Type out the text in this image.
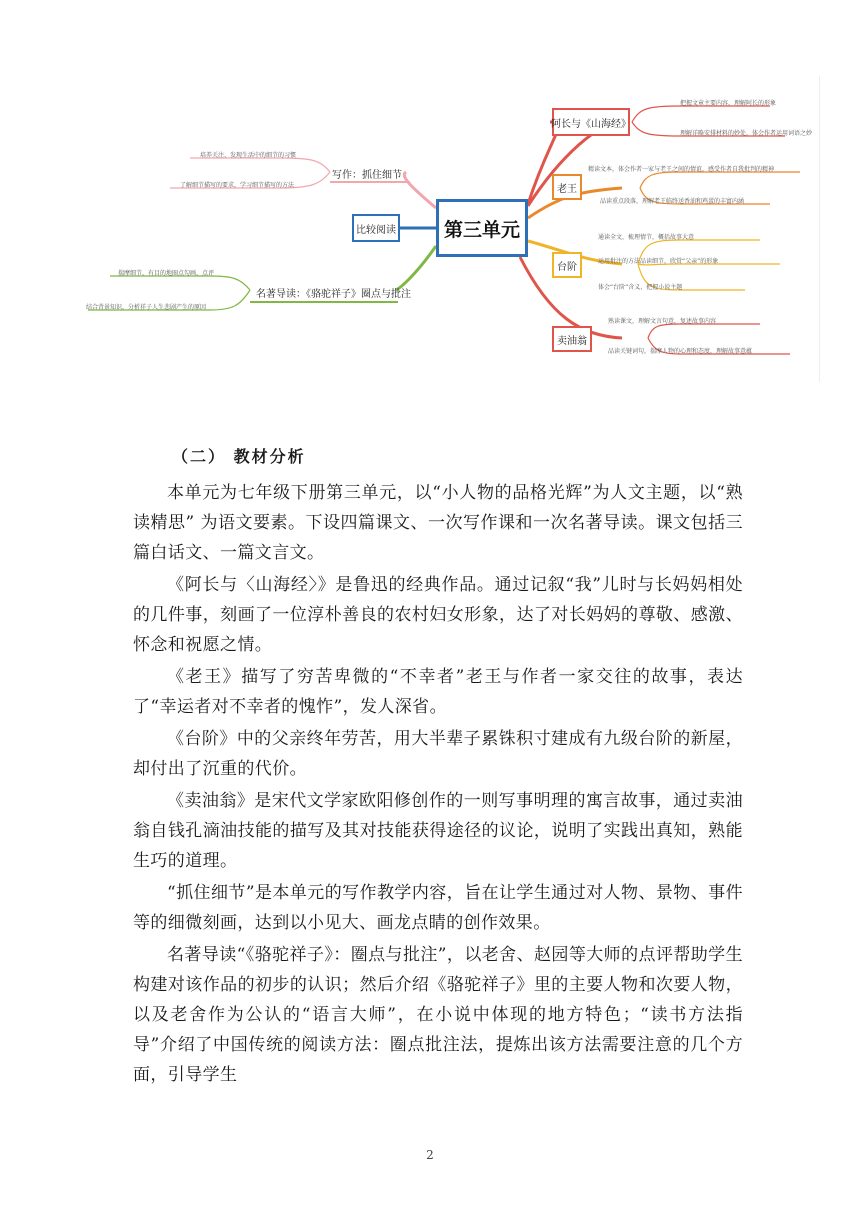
第三单元
阿长与《山海经》
把握文章主要内容，理解阿长的形象
理解详略安排材料的妙处，体会作者运用词语之妙
老王
精读文本，体会作者一家与老王之间的情谊，感受作者自我批判的精神
品读重点段落，理解老王临终送香油和鸡蛋的丰富内涵
台阶
通读全文，梳理情节，概括故事大意
运用批注的方法品读细节，欣赏“父亲”的形象
体会“台阶”含义，把握小说主题
卖油翁
熟读课文，理解文言句意，复述故事内容
品读关键词句，揣摩人物的心理和态度，理解故事意蕴
写作：抓住细节
培养关注、发现生活中的细节的习惯
了解细节描写的要求，学习细节描写的方法
比较阅读
名著导读：《骆驼祥子》圈点与批注
揣摩细节，有目的地圈点勾画、点评
结合背景知识，分析祥子人生悲剧产生的原因
（二） 教材分析

本单元为七年级下册第三单元，以“小人物的品格光辉”为人文主题，以“熟读精思” 为语文要素。下设四篇课文、一次写作课和一次名著导读。课文包括三篇白话文、一篇文言文。

《阿长与〈山海经〉》是鲁迅的经典作品。通过记叙“我”儿时与长妈妈相处的几件事，刻画了一位淳朴善良的农村妇女形象，达了对长妈妈的尊敬、感激、怀念和祝愿之情。

《老王》描写了穷苦卑微的“不幸者”老王与作者一家交往的故事，表达了“幸运者对不幸者的愧怍”，发人深省。

《台阶》中的父亲终年劳苦，用大半辈子累铢积寸建成有九级台阶的新屋，却付出了沉重的代价。

《卖油翁》是宋代文学家欧阳修创作的一则写事明理的寓言故事，通过卖油翁自钱孔滴油技能的描写及其对技能获得途径的议论，说明了实践出真知，熟能生巧的道理。

“抓住细节”是本单元的写作教学内容，旨在让学生通过对人物、景物、事件等的细微刻画，达到以小见大、画龙点睛的创作效果。

名著导读“《骆驼祥子》：圈点与批注”，以老舍、赵园等大师的点评帮助学生构建对该作品的初步的认识；然后介绍《骆驼祥子》里的主要人物和次要人物，以及老舍作为公认的“语言大师”，在小说中体现的地方特色；“读书方法指导”介绍了中国传统的阅读方法：圈点批注法，提炼出该方法需要注意的几个方面，引导学生

2
